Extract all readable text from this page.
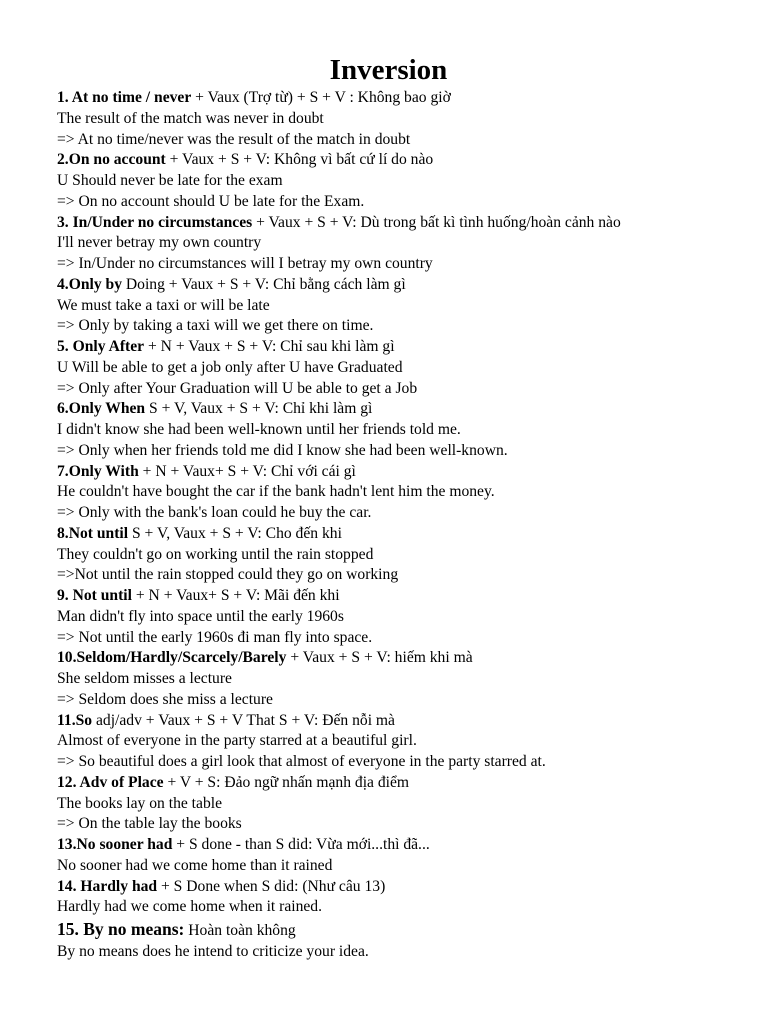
Inversion
1. At no time / never + Vaux (Trợ từ) + S + V : Không bao giờ
The result of the match was never in doubt
=> At no time/never was the result of the match in doubt
2.On no account + Vaux + S + V: Không vì bất cứ lí do nào
U Should never be late for the exam
=> On no account should U be late for the Exam.
3. In/Under no circumstances + Vaux + S + V: Dù trong bất kì tình huống/hoàn cảnh nào
I'll never betray my own country
=> In/Under no circumstances will I betray my own country
4.Only by Doing + Vaux + S + V: Chỉ bằng cách làm gì
We must take a taxi or will be late
=> Only by taking a taxi will we get there on time.
5. Only After + N + Vaux + S + V: Chỉ sau khi làm gì
U Will be able to get a job only after U have Graduated
=> Only after Your Graduation will U be able to get a Job
6.Only When S + V, Vaux + S + V: Chỉ khi làm gì
I didn't know she had been well-known until her friends told me.
=> Only when her friends told me did I know she had been well-known.
7.Only With + N + Vaux+ S + V: Chỉ với cái gì
He couldn't have bought the car if the bank hadn't lent him the money.
=> Only with the bank's loan could he buy the car.
8.Not until S + V, Vaux + S + V: Cho đến khi
They couldn't go on working until the rain stopped
=>Not until the rain stopped could they go on working
9. Not until + N + Vaux+ S + V: Mãi đến khi
Man didn't fly into space until the early 1960s
=> Not until the early 1960s đi man fly into space.
10.Seldom/Hardly/Scarcely/Barely + Vaux + S + V: hiếm khi mà
She seldom misses a lecture
=> Seldom does she miss a lecture
11.So adj/adv + Vaux + S + V That S + V: Đến nỗi mà
Almost of everyone in the party starred at a beautiful girl.
=> So beautiful does a girl look that almost of everyone in the party starred at.
12. Adv of Place + V + S: Đảo ngữ nhấn mạnh địa điểm
The books lay on the table
=> On the table lay the books
13.No sooner had + S done - than S did: Vừa mới...thì đã...
No sooner had we come home than it rained
14. Hardly had + S Done when S did: (Như câu 13)
Hardly had we come home when it rained.
15. By no means: Hoàn toàn không
By no means does he intend to criticize your idea.
